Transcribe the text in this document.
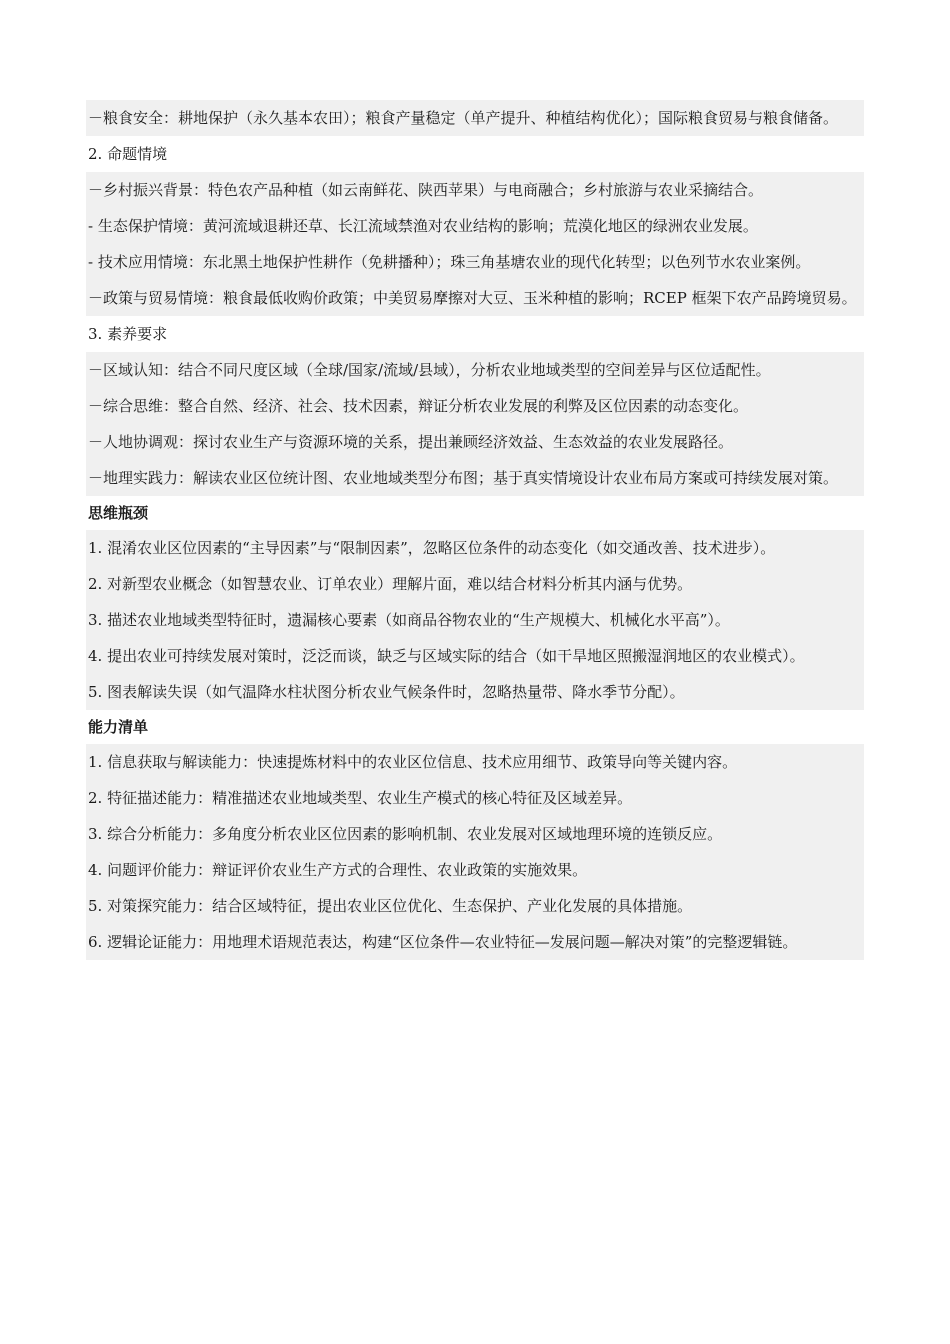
－粮食安全：耕地保护（永久基本农田）；粮食产量稳定（单产提升、种植结构优化）；国际粮食贸易与粮食储备。

2. 命题情境

－乡村振兴背景：特色农产品种植（如云南鲜花、陕西苹果）与电商融合；乡村旅游与农业采摘结合。

- 生态保护情境：黄河流域退耕还草、长江流域禁渔对农业结构的影响；荒漠化地区的绿洲农业发展。

- 技术应用情境：东北黑土地保护性耕作（免耕播种）；珠三角基塘农业的现代化转型；以色列节水农业案例。

－政策与贸易情境：粮食最低收购价政策；中美贸易摩擦对大豆、玉米种植的影响；RCEP 框架下农产品跨境贸易。

3. 素养要求

－区域认知：结合不同尺度区域（全球/国家/流域/县域），分析农业地域类型的空间差异与区位适配性。

－综合思维：整合自然、经济、社会、技术因素，辩证分析农业发展的利弊及区位因素的动态变化。

－人地协调观：探讨农业生产与资源环境的关系，提出兼顾经济效益、生态效益的农业发展路径。

－地理实践力：解读农业区位统计图、农业地域类型分布图；基于真实情境设计农业布局方案或可持续发展对策。

思维瓶颈

1. 混淆农业区位因素的“主导因素”与“限制因素”，忽略区位条件的动态变化（如交通改善、技术进步）。

2. 对新型农业概念（如智慧农业、订单农业）理解片面，难以结合材料分析其内涵与优势。

3. 描述农业地域类型特征时，遗漏核心要素（如商品谷物农业的“生产规模大、机械化水平高”）。

4. 提出农业可持续发展对策时，泛泛而谈，缺乏与区域实际的结合（如干旱地区照搬湿润地区的农业模式）。

5. 图表解读失误（如气温降水柱状图分析农业气候条件时，忽略热量带、降水季节分配）。

能力清单

1. 信息获取与解读能力：快速提炼材料中的农业区位信息、技术应用细节、政策导向等关键内容。

2. 特征描述能力：精准描述农业地域类型、农业生产模式的核心特征及区域差异。

3. 综合分析能力：多角度分析农业区位因素的影响机制、农业发展对区域地理环境的连锁反应。

4. 问题评价能力：辩证评价农业生产方式的合理性、农业政策的实施效果。

5. 对策探究能力：结合区域特征，提出农业区位优化、生态保护、产业化发展的具体措施。

6. 逻辑论证能力：用地理术语规范表达，构建“区位条件—农业特征—发展问题—解决对策”的完整逻辑链。
